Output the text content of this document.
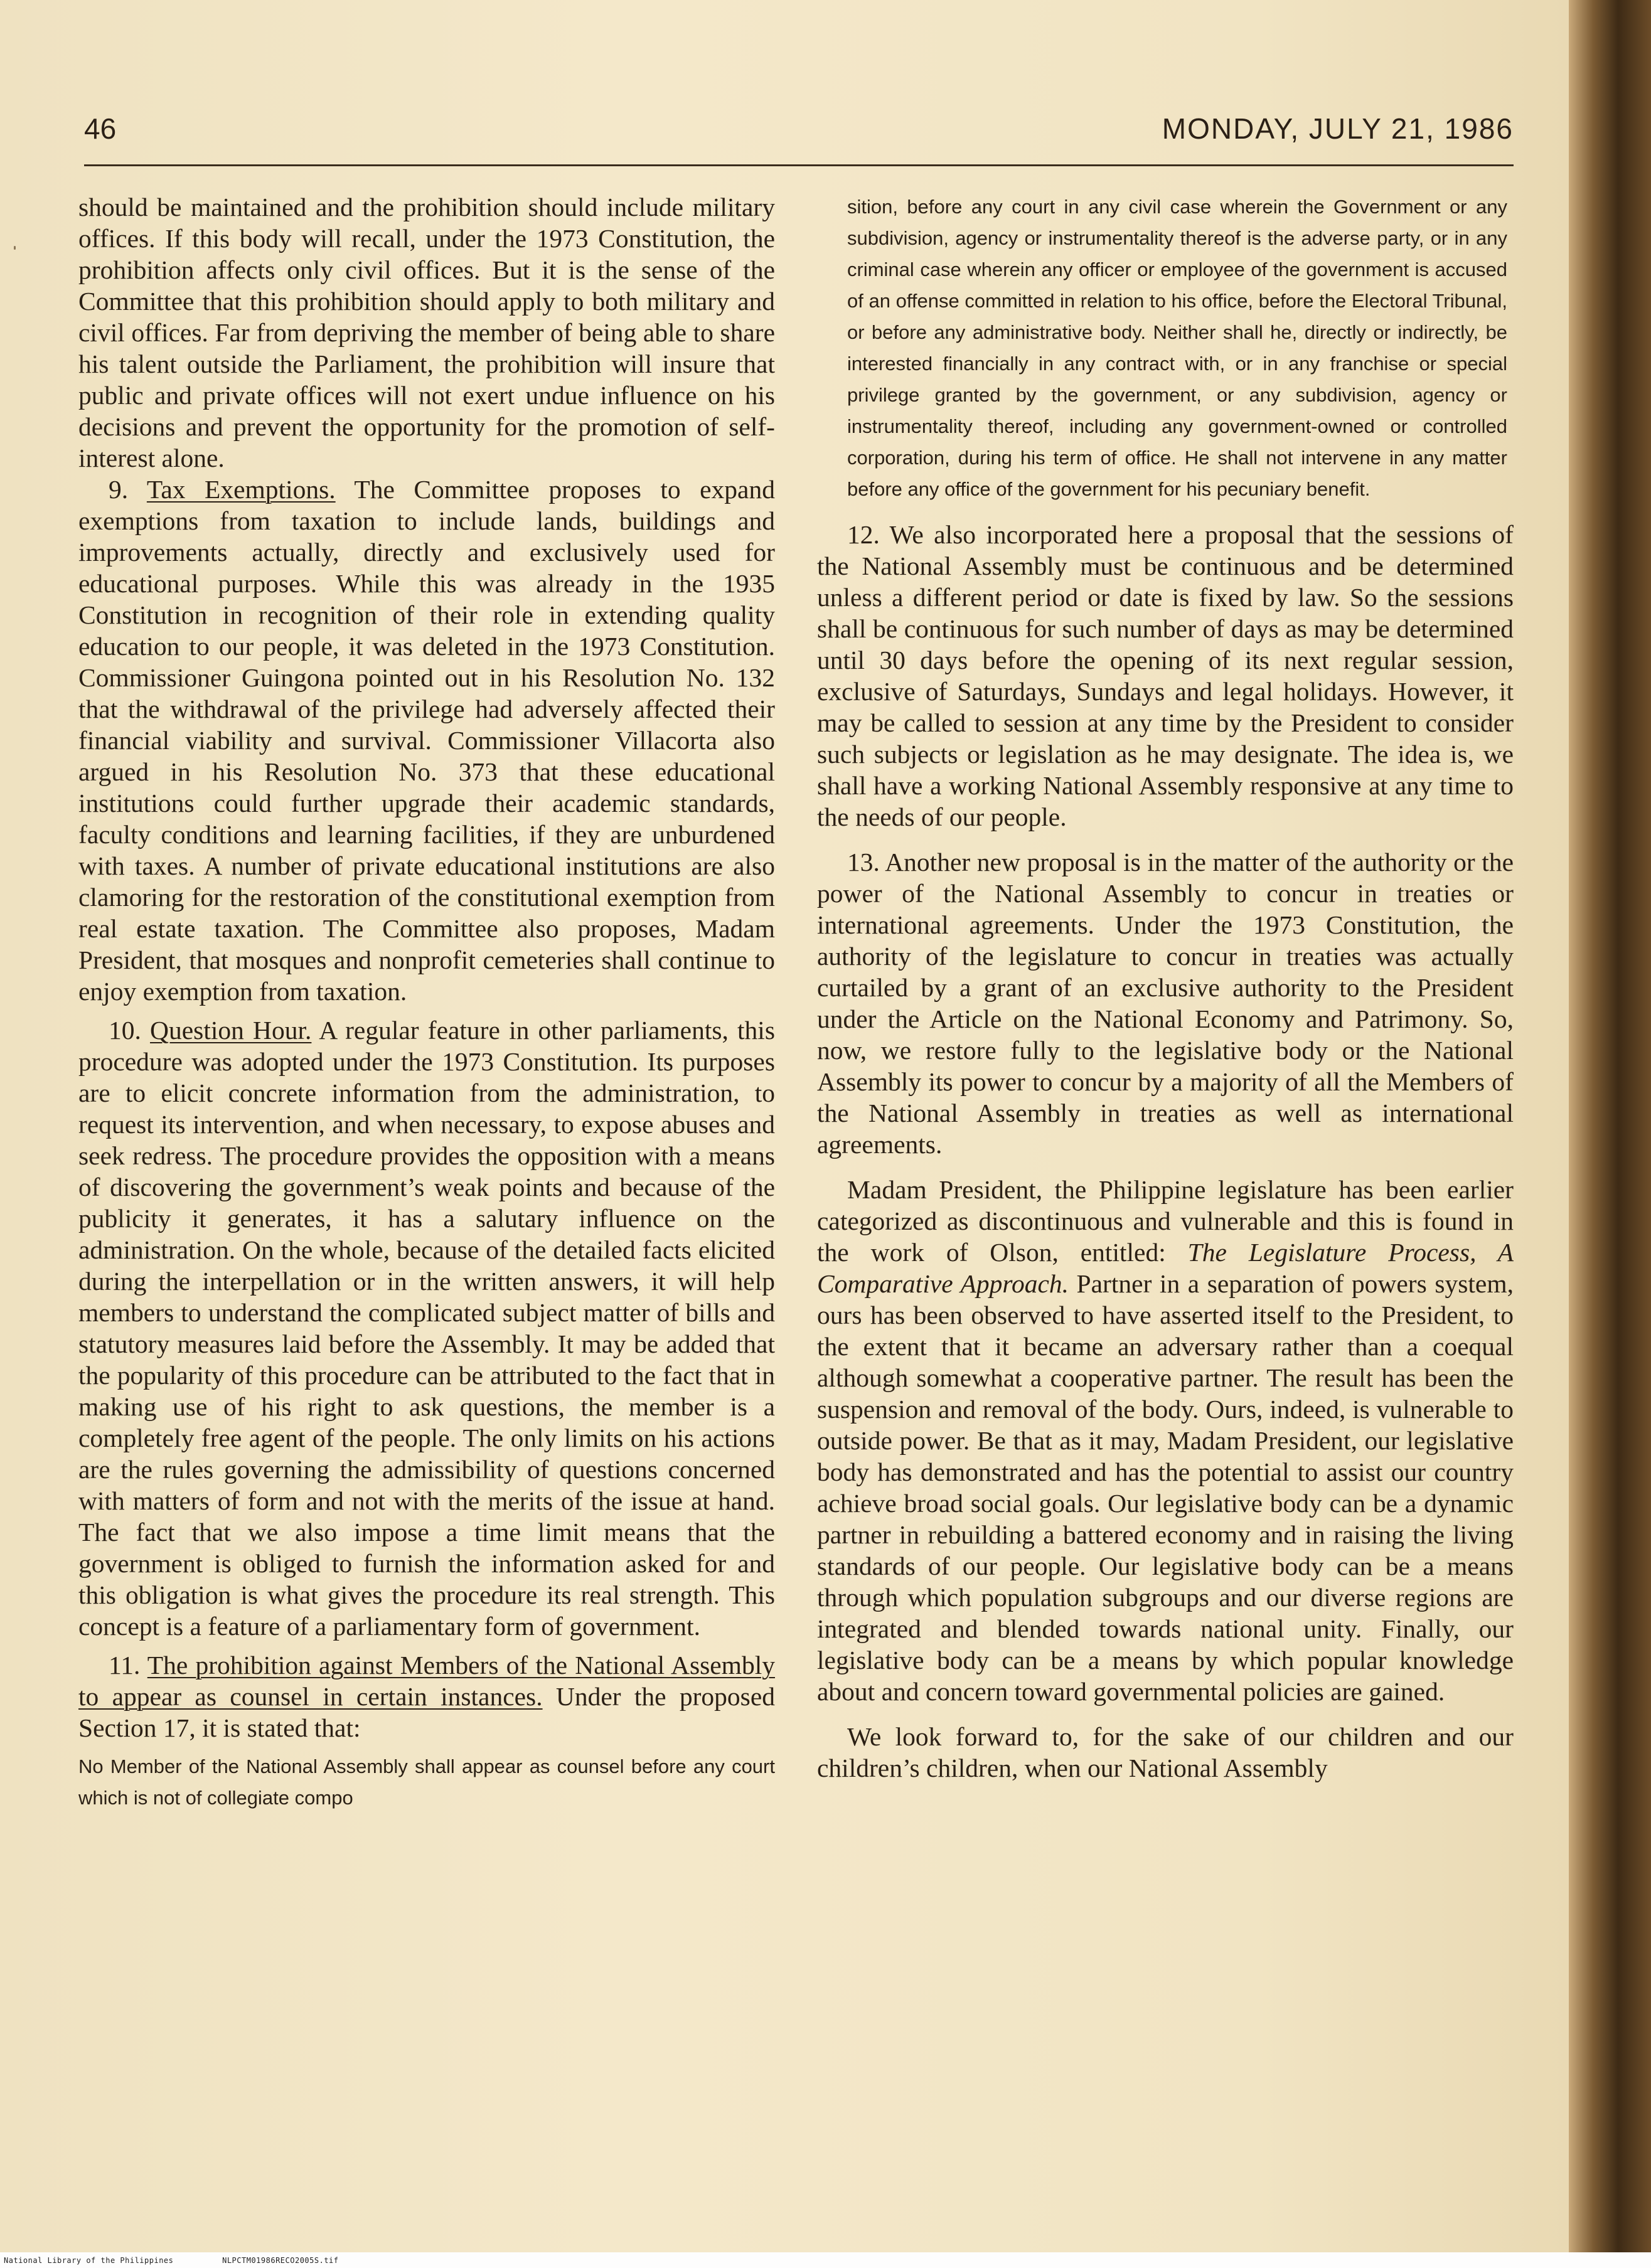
46	MONDAY, JULY 21, 1986

should be maintained and the prohibition should include military offices. If this body will recall, under the 1973 Constitution, the prohibition affects only civil offices. But it is the sense of the Committee that this prohibition should apply to both military and civil offices. Far from depriving the member of being able to share his talent outside the Parliament, the prohibition will insure that public and private offices will not exert undue influence on his decisions and prevent the opportunity for the promotion of self-interest alone.

9. Tax Exemptions. The Committee proposes to expand exemptions from taxation to include lands, buildings and improvements actually, directly and exclusively used for educational purposes. While this was already in the 1935 Constitution in recognition of their role in extending quality education to our people, it was deleted in the 1973 Constitution. Commissioner Guingona pointed out in his Resolution No. 132 that the withdrawal of the privilege had adversely affected their financial viability and survival. Commissioner Villacorta also argued in his Resolution No. 373 that these educational institutions could further upgrade their academic standards, faculty conditions and learning facilities, if they are unburdened with taxes. A number of private educational institutions are also clamoring for the restoration of the constitutional exemption from real estate taxation. The Committee also proposes, Madam President, that mosques and nonprofit cemeteries shall continue to enjoy exemption from taxation.

10. Question Hour. A regular feature in other parliaments, this procedure was adopted under the 1973 Constitution. Its purposes are to elicit concrete information from the administration, to request its intervention, and when necessary, to expose abuses and seek redress. The procedure provides the opposition with a means of discovering the government’s weak points and because of the publicity it generates, it has a salutary influence on the administration. On the whole, because of the detailed facts elicited during the interpellation or in the written answers, it will help members to understand the complicated subject matter of bills and statutory measures laid before the Assembly. It may be added that the popularity of this procedure can be attributed to the fact that in making use of his right to ask questions, the member is a completely free agent of the people. The only limits on his actions are the rules governing the admissibility of questions concerned with matters of form and not with the merits of the issue at hand. The fact that we also impose a time limit means that the government is obliged to furnish the information asked for and this obligation is what gives the procedure its real strength. This concept is a feature of a parliamentary form of government.

11. The prohibition against Members of the National Assembly to appear as counsel in certain instances. Under the proposed Section 17, it is stated that:

No Member of the National Assembly shall appear as counsel before any court which is not of collegiate compo

sition, before any court in any civil case wherein the Government or any subdivision, agency or instrumentality thereof is the adverse party, or in any criminal case wherein any officer or employee of the government is accused of an offense committed in relation to his office, before the Electoral Tribunal, or before any administrative body. Neither shall he, directly or indirectly, be interested financially in any contract with, or in any franchise or special privilege granted by the government, or any subdivision, agency or instrumentality thereof, including any government-owned or controlled corporation, during his term of office. He shall not intervene in any matter before any office of the government for his pecuniary benefit.

12. We also incorporated here a proposal that the sessions of the National Assembly must be continuous and be determined unless a different period or date is fixed by law. So the sessions shall be continuous for such number of days as may be determined until 30 days before the opening of its next regular session, exclusive of Saturdays, Sundays and legal holidays. However, it may be called to session at any time by the President to consider such subjects or legislation as he may designate. The idea is, we shall have a working National Assembly responsive at any time to the needs of our people.

13. Another new proposal is in the matter of the authority or the power of the National Assembly to concur in treaties or international agreements. Under the 1973 Constitution, the authority of the legislature to concur in treaties was actually curtailed by a grant of an exclusive authority to the President under the Article on the National Economy and Patrimony. So, now, we restore fully to the legislative body or the National Assembly its power to concur by a majority of all the Members of the National Assembly in treaties as well as international agreements.

Madam President, the Philippine legislature has been earlier categorized as discontinuous and vulnerable and this is found in the work of Olson, entitled: The Legislature Process, A Comparative Approach. Partner in a separation of powers system, ours has been observed to have asserted itself to the President, to the extent that it became an adversary rather than a coequal although somewhat a cooperative partner. The result has been the suspension and removal of the body. Ours, indeed, is vulnerable to outside power. Be that as it may, Madam President, our legislative body has demonstrated and has the potential to assist our country achieve broad social goals. Our legislative body can be a dynamic partner in rebuilding a battered economy and in raising the living standards of our people. Our legislative body can be a means through which population subgroups and our diverse regions are integrated and blended towards national unity. Finally, our legislative body can be a means by which popular knowledge about and concern toward governmental policies are gained.

We look forward to, for the sake of our children and our children’s children, when our National Assembly

National Library of the Philippines	NLPCTM01986RECO2005S.tif
